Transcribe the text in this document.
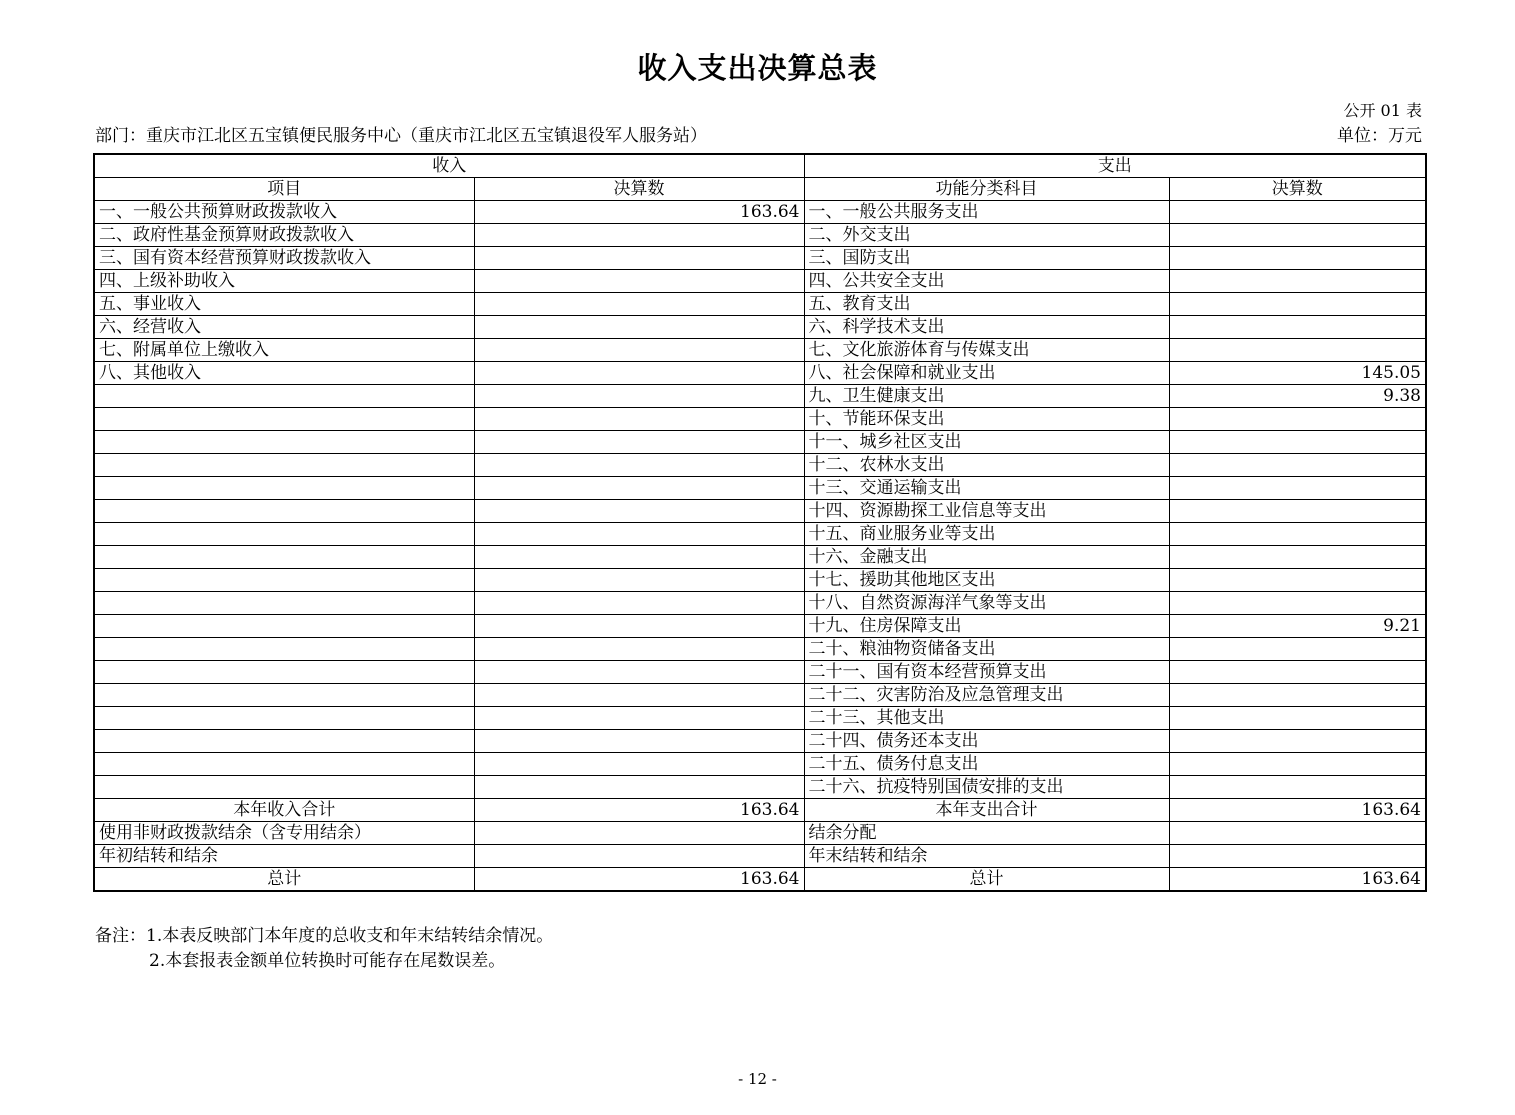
收入支出决算总表
公开 01 表
部门：重庆市江北区五宝镇便民服务中心（重庆市江北区五宝镇退役军人服务站）	单位：万元
收入		支出	
项目	决算数	功能分类科目	决算数
一、一般公共预算财政拨款收入	163.64	一、一般公共服务支出	
二、政府性基金预算财政拨款收入		二、外交支出	
三、国有资本经营预算财政拨款收入		三、国防支出	
四、上级补助收入		四、公共安全支出	
五、事业收入		五、教育支出	
六、经营收入		六、科学技术支出	
七、附属单位上缴收入		七、文化旅游体育与传媒支出	
八、其他收入		八、社会保障和就业支出	145.05
		九、卫生健康支出	9.38
		十、节能环保支出	
		十一、城乡社区支出	
		十二、农林水支出	
		十三、交通运输支出	
		十四、资源勘探工业信息等支出	
		十五、商业服务业等支出	
		十六、金融支出	
		十七、援助其他地区支出	
		十八、自然资源海洋气象等支出	
		十九、住房保障支出	9.21
		二十、粮油物资储备支出	
		二十一、国有资本经营预算支出	
		二十二、灾害防治及应急管理支出	
		二十三、其他支出	
		二十四、债务还本支出	
		二十五、债务付息支出	
		二十六、抗疫特别国债安排的支出	
本年收入合计	163.64	本年支出合计	163.64
使用非财政拨款结余（含专用结余）		结余分配	
年初结转和结余		年末结转和结余	
总计	163.64	总计	163.64
备注：1.本表反映部门本年度的总收支和年末结转结余情况。
2.本套报表金额单位转换时可能存在尾数误差。
- 12 -
